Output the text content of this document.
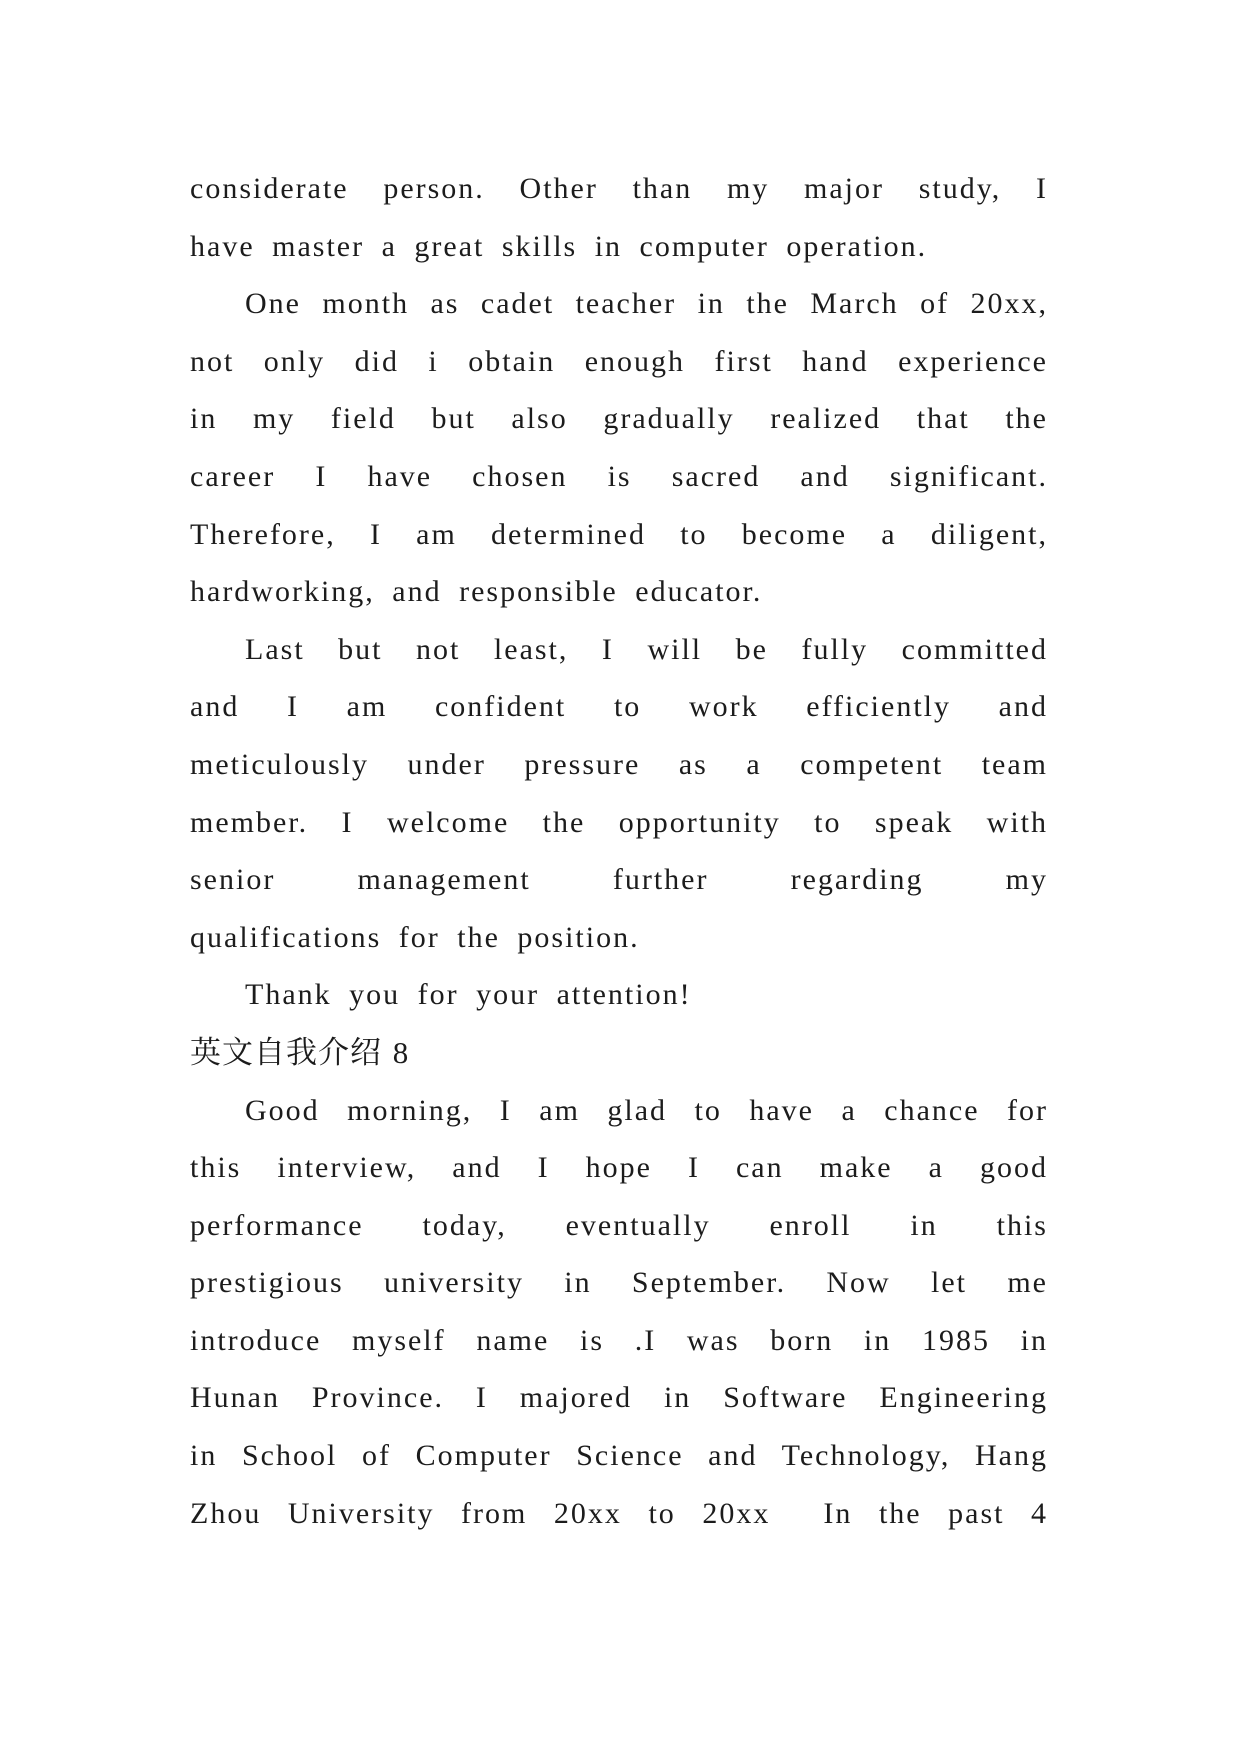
considerate person. Other than my major study, I
have master a great skills in computer operation.
One month as cadet teacher in the March of 20xx,
not only did i obtain enough first hand experience
in my field but also gradually realized that the
career I have chosen is sacred and significant.
Therefore, I am determined to become a diligent,
hardworking, and responsible educator.
Last but not least, I will be fully committed
and I am confident to work efficiently and
meticulously under pressure as a competent team
member. I welcome the opportunity to speak with
senior management further regarding my
qualifications for the position.
Thank you for your attention!
英文自我介绍 8
Good morning, I am glad to have a chance for
this interview, and I hope I can make a good
performance today, eventually enroll in this
prestigious university in September. Now let me
introduce myself name is .I was born in 1985 in
Hunan Province. I majored in Software Engineering
in School of Computer Science and Technology, Hang
Zhou University from 20xx to 20xx  In the past 4
